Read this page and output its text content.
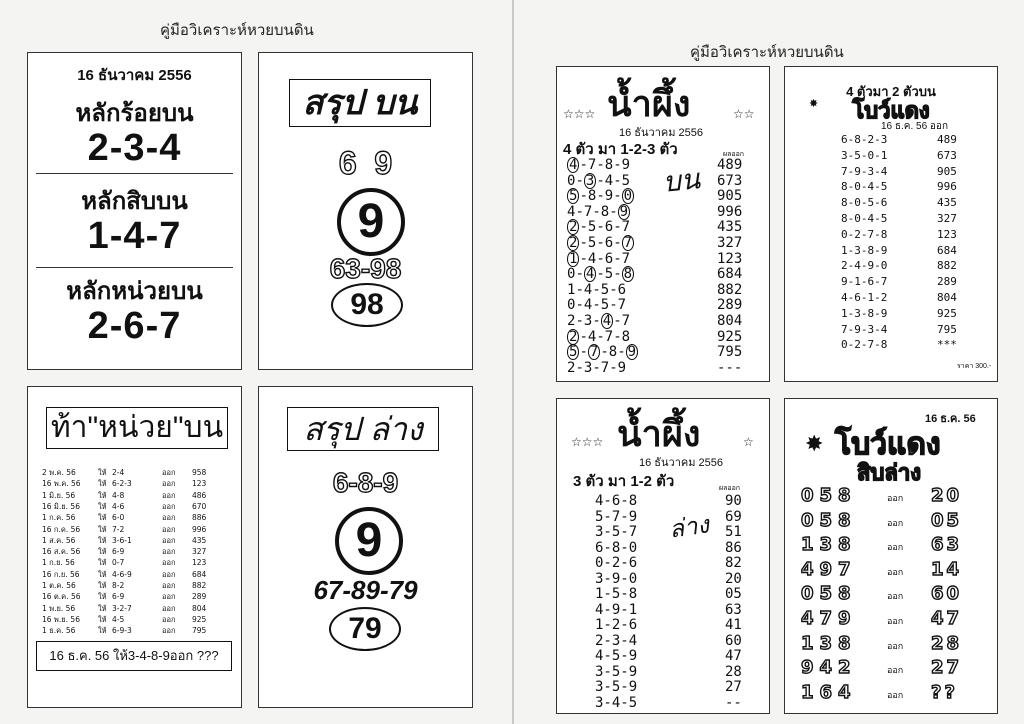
คู่มือวิเคราะห์หวยบนดิน
คู่มือวิเคราะห์หวยบนดิน
16 ธันวาคม 2556
หลักร้อยบน
2-3-4
หลักสิบบน
1-4-7
หลักหน่วยบน
2-6-7
สรุป บน
6  9
9
63-98
98
ท้า"หน่วย"บน
2 พ.ค. 56	ให้ 2-4	ออก 958
16 พ.ค. 56 ให้ 6-2-3	ออก 123
1 มิ.ย. 56	ให้ 4-8	ออก 486
16 มิ.ย. 56 ให้ 4-6	ออก 670
1 ก.ค. 56	ให้ 6-0	ออก 886
16 ก.ค. 56 ให้ 7-2	ออก 996
1 ส.ค. 56	ให้ 3-6-1	ออก 435
16 ส.ค. 56 ให้ 6-9	ออก 327
1 ก.ย. 56	ให้ 0-7	ออก 123
16 ก.ย. 56 ให้ 4-6-9	ออก 684
1 ต.ค. 56	ให้ 8-2	ออก 882
16 ต.ค. 56 ให้ 6-9	ออก 289
1 พ.ย. 56	ให้ 3-2-7	ออก 804
16 พ.ย. 56 ให้ 4-5	ออก 925
1 ธ.ค. 56	ให้ 6-9-3	ออก 795
16 ธ.ค. 56 ให้3-4-8-9ออก ???
สรุป ล่าง
6-8-9
9
67-89-79
79
☆☆☆ น้ำผึ้ง	☆☆
16 ธันวาคม 2556
4 ตัว มา 1-2-3 ตัว	ผลออก
บน
4 -7-8-9	489
0- 3 -4-5	673
5 -8-9- 0	905
4-7-8- 9	996
2 -5-6-7	435
2 -5-6- 7	327
1 -4-6-7	123
0- 4 -5- 8	684
1-4-5-6	882
0-4-5-7	289
2-3- 4 -7	804
2 -4-7-8	925
5 - 7 -8- 9	795
2-3-7-9	---
4 ตัวมา 2 ตัวบน
✸	โบว์แดง
16 ธ.ค. 56 ออก
6-8-2-3	489
3-5-0-1	673
7-9-3-4	905
8-0-4-5	996
8-0-5-6	435
8-0-4-5	327
0-2-7-8	123
1-3-8-9	684
2-4-9-0	882
9-1-6-7	289
4-6-1-2	804
1-3-8-9	925
7-9-3-4	795
0-2-7-8	***
ราคา 300.-
☆☆☆ น้ำผึ้ง	☆
16 ธันวาคม 2556
3 ตัว มา 1-2 ตัว	ผลออก
ล่าง
4-6-8	90
5-7-9	69
3-5-7	51
6-8-0	86
0-2-6	82
3-9-0	20
1-5-8	05
4-9-1	63
1-2-6	41
2-3-4	60
4-5-9	47
3-5-9	28
3-5-9	27
3-4-5	--
16 ธ.ค. 56
✸ โบว์แดง
สิบล่าง
058	ออก 20
058	ออก 05
138	ออก 63
497	ออก 14
058	ออก 60
479	ออก 47
138	ออก 28
942	ออก 27
164	ออก ??
